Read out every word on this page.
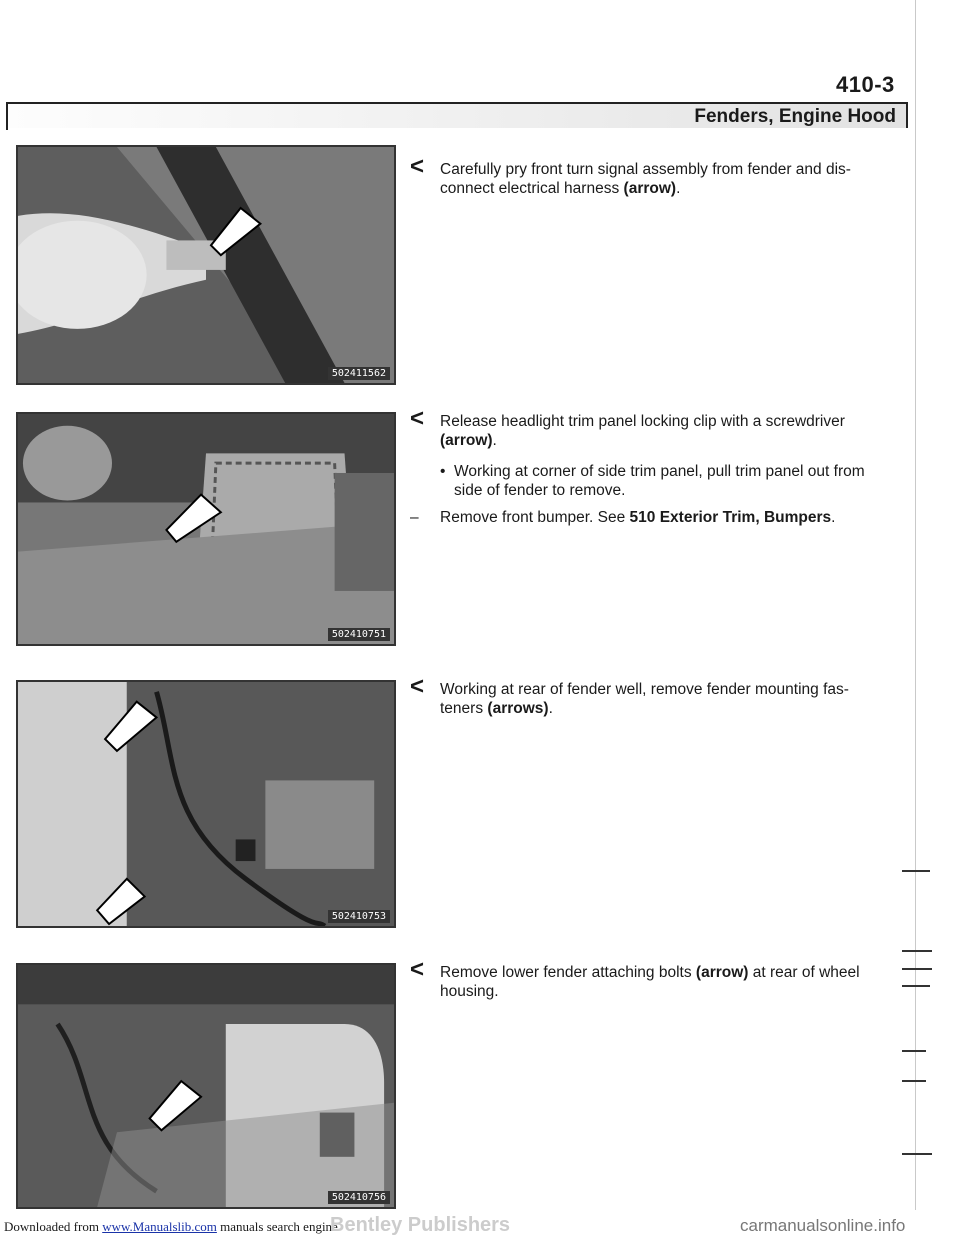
410-3
Fenders, Engine Hood
502411562
502410751
502410753
502410756
< Carefully pry front turn signal assembly from fender and dis-connect electrical harness (arrow).
< Release headlight trim panel locking clip with a screwdriver
(arrow).
• Working at corner of side trim panel, pull trim panel out from side of fender to remove.
– Remove front bumper. See 510 Exterior Trim, Bumpers.
< Working at rear of fender well, remove fender mounting fas-teners (arrows).
< Remove lower fender attaching bolts (arrow) at rear of wheel housing.
Downloaded from www.Manualslib.com manuals search engine
Bentley Publishers	carmanualsonline.info
